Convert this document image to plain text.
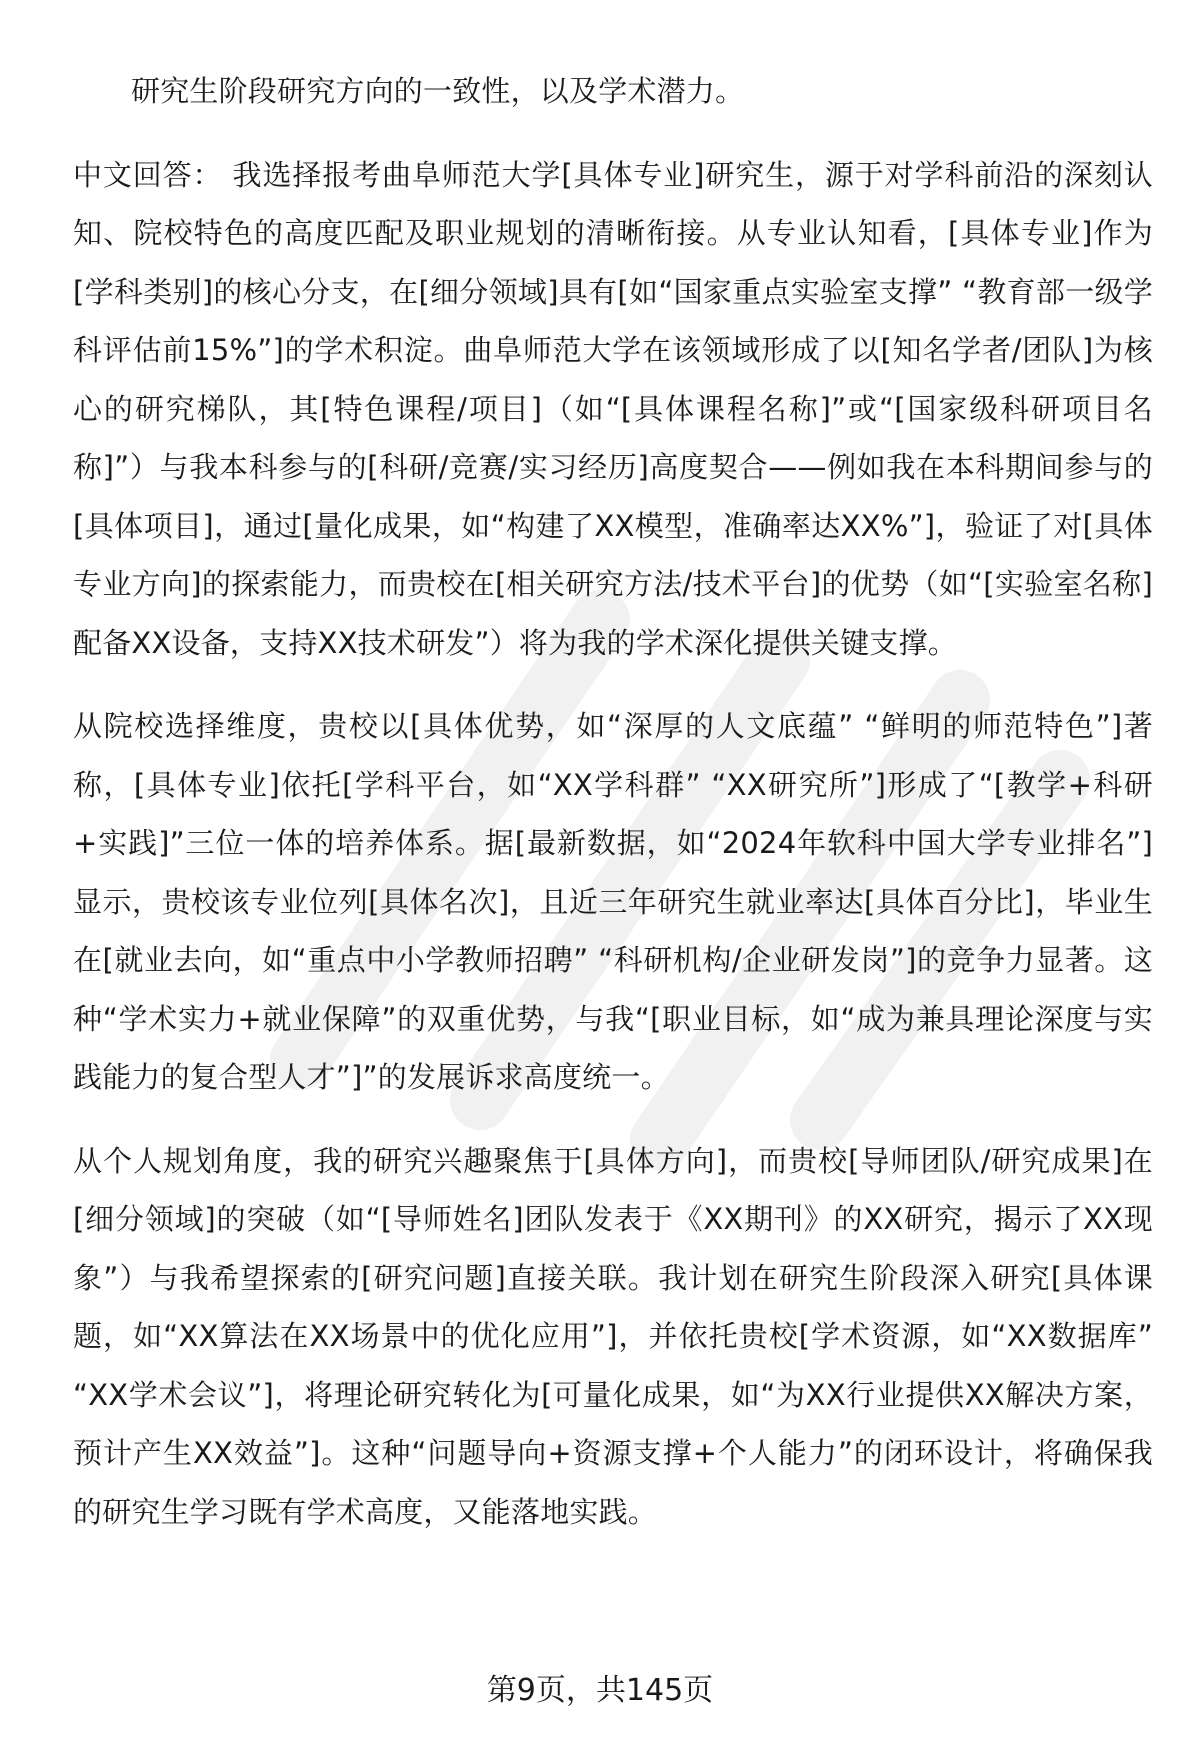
研究生阶段研究方向的一致性，以及学术潜力。

中文回答： 我选择报考曲阜师范大学[具体专业]研究生，源于对学科前沿的深刻认知、院校特色的高度匹配及职业规划的清晰衔接。从专业认知看，[具体专业]作为[学科类别]的核心分支，在[细分领域]具有[如“国家重点实验室支撑” “教育部一级学科评估前15%”]的学术积淀。曲阜师范大学在该领域形成了以[知名学者/团队]为核心的研究梯队，其[特色课程/项目]（如“[具体课程名称]”或“[国家级科研项目名称]”）与我本科参与的[科研/竞赛/实习经历]高度契合——例如我在本科期间参与的[具体项目]，通过[量化成果，如“构建了XX模型，准确率达XX%”]，验证了对[具体专业方向]的探索能力，而贵校在[相关研究方法/技术平台]的优势（如“[实验室名称]配备XX设备，支持XX技术研发”）将为我的学术深化提供关键支撑。

从院校选择维度，贵校以[具体优势，如“深厚的人文底蕴” “鲜明的师范特色”]著称，[具体专业]依托[学科平台，如“XX学科群” “XX研究所”]形成了“[教学+科研+实践]”三位一体的培养体系。据[最新数据，如“2024年软科中国大学专业排名”]显示，贵校该专业位列[具体名次]，且近三年研究生就业率达[具体百分比]，毕业生在[就业去向，如“重点中小学教师招聘” “科研机构/企业研发岗”]的竞争力显著。这种“学术实力+就业保障”的双重优势，与我“[职业目标，如“成为兼具理论深度与实践能力的复合型人才”]”的发展诉求高度统一。

从个人规划角度，我的研究兴趣聚焦于[具体方向]，而贵校[导师团队/研究成果]在[细分领域]的突破（如“[导师姓名]团队发表于《XX期刊》的XX研究，揭示了XX现象”）与我希望探索的[研究问题]直接关联。我计划在研究生阶段深入研究[具体课题，如“XX算法在XX场景中的优化应用”]，并依托贵校[学术资源，如“XX数据库” “XX学术会议”]，将理论研究转化为[可量化成果，如“为XX行业提供XX解决方案，预计产生XX效益”]。这种“问题导向+资源支撑+个人能力”的闭环设计，将确保我的研究生学习既有学术高度，又能落地实践。

第9页，共145页
